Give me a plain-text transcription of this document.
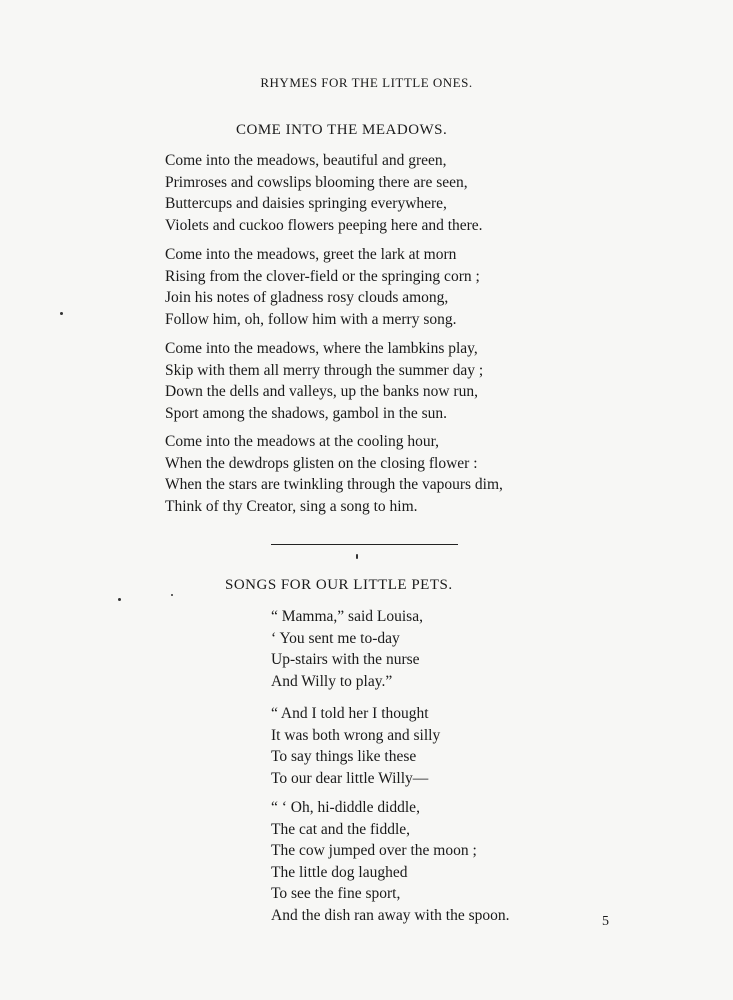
RHYMES FOR THE LITTLE ONES.
COME INTO THE MEADOWS.
Come into the meadows, beautiful and green,
Primroses and cowslips blooming there are seen,
Buttercups and daisies springing everywhere,
Violets and cuckoo flowers peeping here and there.
Come into the meadows, greet the lark at morn
Rising from the clover-field or the springing corn ;
Join his notes of gladness rosy clouds among,
Follow him, oh, follow him with a merry song.
Come into the meadows, where the lambkins play,
Skip with them all merry through the summer day ;
Down the dells and valleys, up the banks now run,
Sport among the shadows, gambol in the sun.
Come into the meadows at the cooling hour,
When the dewdrops glisten on the closing flower :
When the stars are twinkling through the vapours dim,
Think of thy Creator, sing a song to him.
SONGS FOR OUR LITTLE PETS.
“ Mamma,” said Louisa,
‘ You sent me to-day
Up-stairs with the nurse
And Willy to play.”
“ And I told her I thought
It was both wrong and silly
To say things like these
To our dear little Willy—
“ ‘ Oh, hi-diddle diddle,
The cat and the fiddle,
The cow jumped over the moon ;
The little dog laughed
To see the fine sport,
And the dish ran away with the spoon.	5
